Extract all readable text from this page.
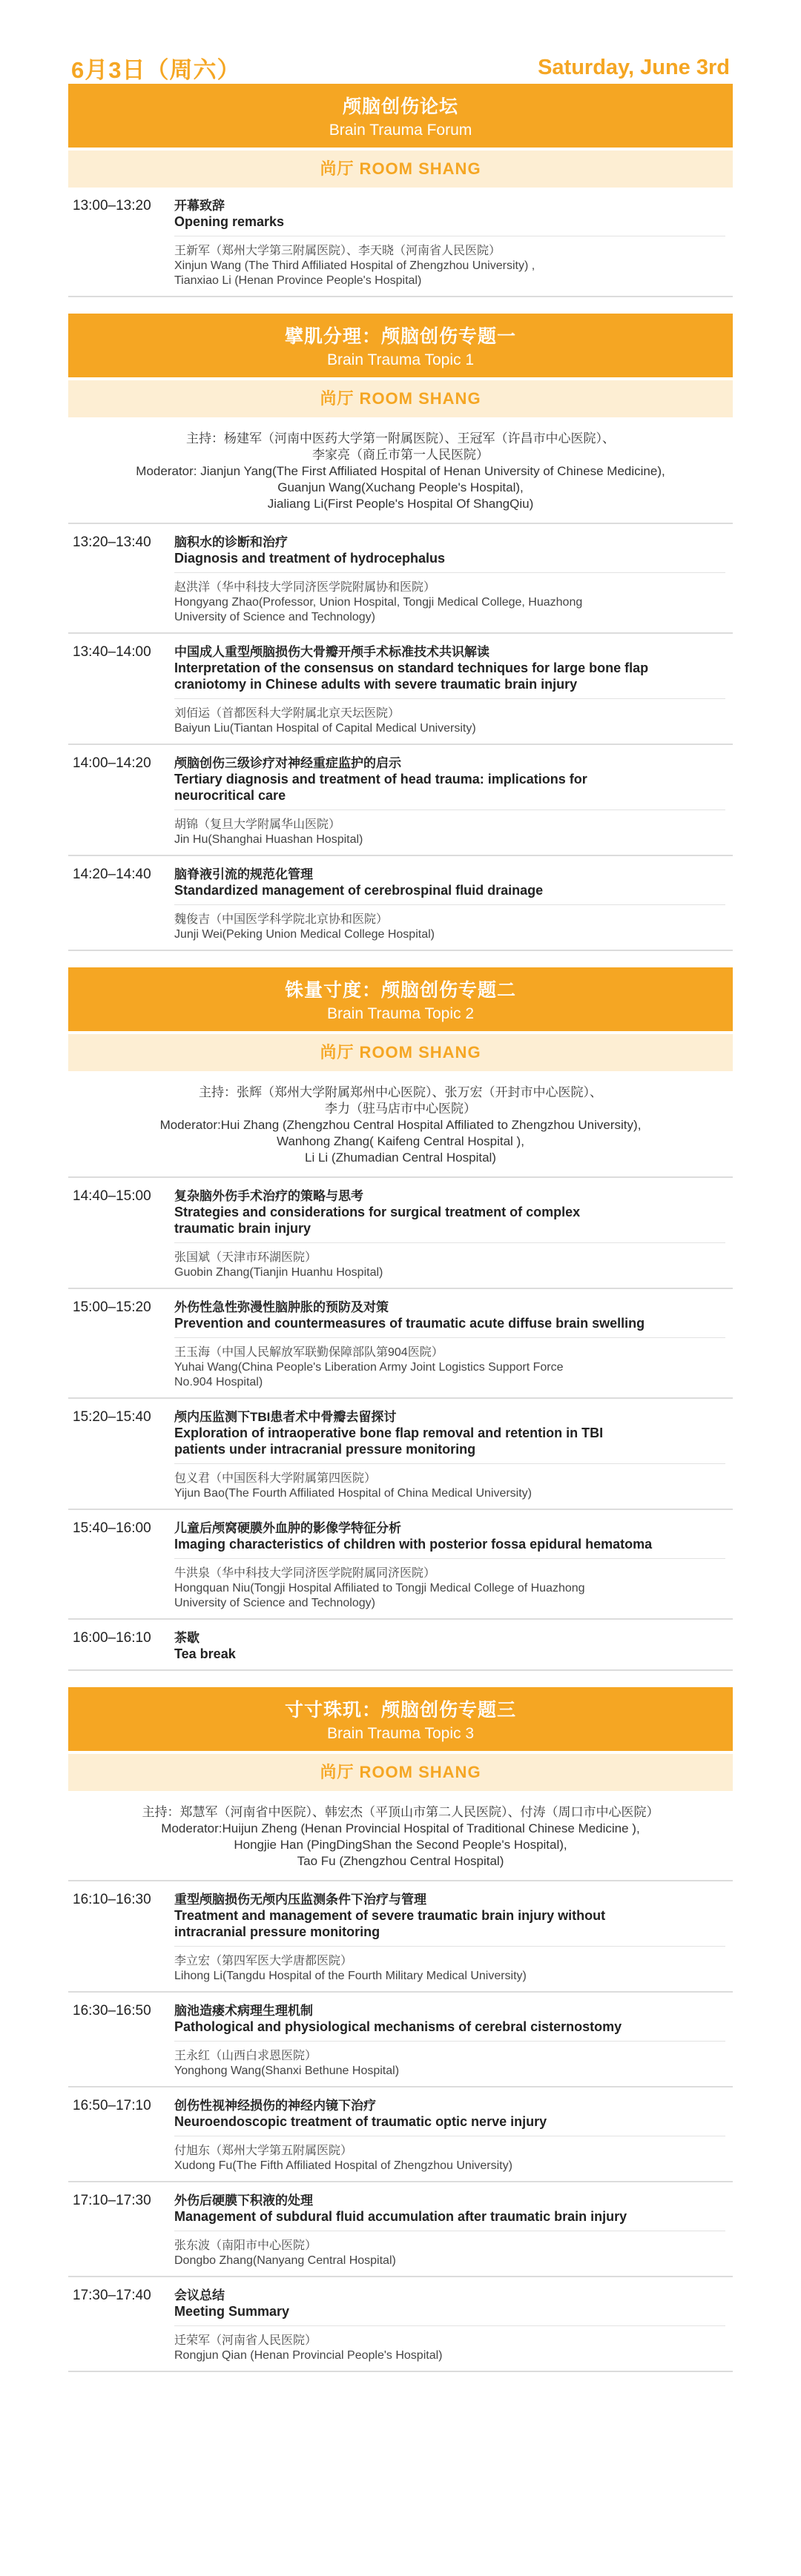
6月3日（周六）	Saturday, June 3rd
颅脑创伤论坛
Brain Trauma Forum
尚厅 ROOM SHANG
13:00–13:20	开幕致辞
Opening remarks
王新军（郑州大学第三附属医院）、李天晓（河南省人民医院）
Xinjun Wang (The Third Affiliated Hospital of Zhengzhou University) ,
Tianxiao Li (Henan Province People's Hospital)
擘肌分理：颅脑创伤专题一
Brain Trauma Topic 1
尚厅 ROOM SHANG
主持：杨建军（河南中医药大学第一附属医院）、王冠军（许昌市中心医院）、
李家亮（商丘市第一人民医院）
Moderator: Jianjun Yang(The First Affiliated Hospital of Henan University of Chinese Medicine),
Guanjun Wang(Xuchang People's Hospital),
Jialiang Li(First People's Hospital Of ShangQiu)
13:20–13:40	脑积水的诊断和治疗
Diagnosis and treatment of hydrocephalus
赵洪洋（华中科技大学同济医学院附属协和医院）
Hongyang Zhao(Professor, Union Hospital, Tongji Medical College, Huazhong
University of Science and Technology)
13:40–14:00	中国成人重型颅脑损伤大骨瓣开颅手术标准技术共识解读
Interpretation of the consensus on standard techniques for large bone flap
craniotomy in Chinese adults with severe traumatic brain injury
刘佰运（首都医科大学附属北京天坛医院）
Baiyun Liu(Tiantan Hospital of Capital Medical University)
14:00–14:20	颅脑创伤三级诊疗对神经重症监护的启示
Tertiary diagnosis and treatment of head trauma: implications for
neurocritical care
胡锦（复旦大学附属华山医院）
Jin Hu(Shanghai Huashan Hospital)
14:20–14:40	脑脊液引流的规范化管理
Standardized management of cerebrospinal fluid drainage
魏俊吉（中国医学科学院北京协和医院）
Junji Wei(Peking Union Medical College Hospital)
铢量寸度：颅脑创伤专题二
Brain Trauma Topic 2
尚厅 ROOM SHANG
主持：张辉（郑州大学附属郑州中心医院）、张万宏（开封市中心医院）、
李力（驻马店市中心医院）
Moderator:Hui Zhang (Zhengzhou Central Hospital Affiliated to Zhengzhou University),
Wanhong Zhang( Kaifeng Central Hospital ),
Li Li (Zhumadian Central Hospital)
14:40–15:00	复杂脑外伤手术治疗的策略与思考
Strategies and considerations for surgical treatment of complex
traumatic brain injury
张国斌（天津市环湖医院）
Guobin Zhang(Tianjin Huanhu Hospital)
15:00–15:20	外伤性急性弥漫性脑肿胀的预防及对策
Prevention and countermeasures of traumatic acute diffuse brain swelling
王玉海（中国人民解放军联勤保障部队第904医院）
Yuhai Wang(China People's Liberation Army Joint Logistics Support Force
No.904 Hospital)
15:20–15:40	颅内压监测下TBI患者术中骨瓣去留探讨
Exploration of intraoperative bone flap removal and retention in TBI
patients under intracranial pressure monitoring
包义君（中国医科大学附属第四医院）
Yijun Bao(The Fourth Affiliated Hospital of China Medical University)
15:40–16:00	儿童后颅窝硬膜外血肿的影像学特征分析
Imaging characteristics of children with posterior fossa epidural hematoma
牛洪泉（华中科技大学同济医学院附属同济医院）
Hongquan Niu(Tongji Hospital Affiliated to Tongji Medical College of Huazhong
University of Science and Technology)
16:00–16:10	茶歇
Tea break
寸寸珠玑：颅脑创伤专题三
Brain Trauma Topic 3
尚厅 ROOM SHANG
主持：郑慧军（河南省中医院）、韩宏杰（平顶山市第二人民医院）、付涛（周口市中心医院）
Moderator:Huijun Zheng (Henan Provincial Hospital of Traditional Chinese Medicine ),
Hongjie Han (PingDingShan the Second People's Hospital),
Tao Fu (Zhengzhou Central Hospital)
16:10–16:30	重型颅脑损伤无颅内压监测条件下治疗与管理
Treatment and management of severe traumatic brain injury without
intracranial pressure monitoring
李立宏（第四军医大学唐都医院）
Lihong Li(Tangdu Hospital of the Fourth Military Medical University)
16:30–16:50	脑池造瘘术病理生理机制
Pathological and physiological mechanisms of cerebral cisternostomy
王永红（山西白求恩医院）
Yonghong Wang(Shanxi Bethune Hospital)
16:50–17:10	创伤性视神经损伤的神经内镜下治疗
Neuroendoscopic treatment of traumatic optic nerve injury
付旭东（郑州大学第五附属医院）
Xudong Fu(The Fifth Affiliated Hospital of Zhengzhou University)
17:10–17:30	外伤后硬膜下积液的处理
Management of subdural fluid accumulation after traumatic brain injury
张东波（南阳市中心医院）
Dongbo Zhang(Nanyang Central Hospital)
17:30–17:40	会议总结
Meeting Summary
迁荣军（河南省人民医院）
Rongjun Qian (Henan Provincial People's Hospital)
